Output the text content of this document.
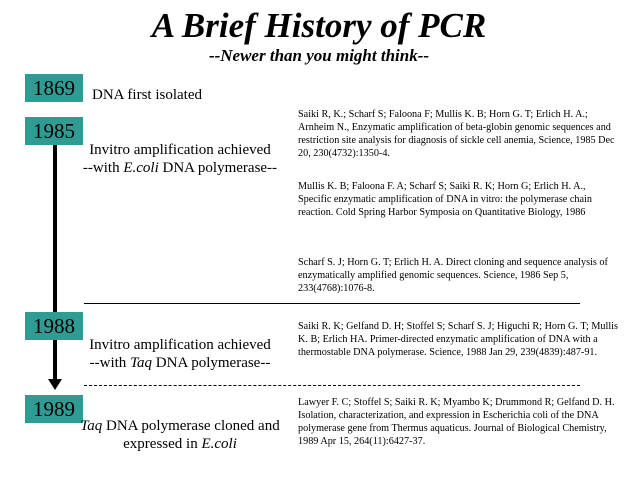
A Brief History of PCR
--Newer than you might think--
1869	DNA first isolated
1985
Invitro amplification achieved
--with E.coli DNA polymerase--
Saiki R, K.; Scharf S; Faloona F; Mullis K. B; Horn G. T; Erlich H. A.; Arnheim N., Enzymatic amplification of beta-globin genomic sequences and restriction site analysis for diagnosis of sickle cell anemia, Science, 1985 Dec 20, 230(4732):1350-4.
Mullis K. B; Faloona F. A; Scharf S; Saiki R. K; Horn G; Erlich H. A., Specific enzymatic amplification of DNA in vitro: the polymerase chain reaction. Cold Spring Harbor Symposia on Quantitative Biology, 1986
Scharf S. J; Horn G. T; Erlich H. A. Direct cloning and sequence analysis of enzymatically amplified genomic sequences. Science, 1986 Sep 5, 233(4768):1076-8.
1988
Invitro amplification achieved
--with Taq DNA polymerase--
Saiki R. K; Gelfand D. H; Stoffel S; Scharf S. J; Higuchi R; Horn G. T; Mullis K. B; Erlich HA. Primer-directed enzymatic amplification of DNA with a thermostable DNA polymerase. Science, 1988 Jan 29, 239(4839):487-91.
1989
Taq DNA polymerase cloned and
expressed in E.coli
Lawyer F. C; Stoffel S; Saiki R. K; Myambo K; Drummond R; Gelfand D. H. Isolation, characterization, and expression in Escherichia coli of the DNA polymerase gene from Thermus aquaticus. Journal of Biological Chemistry, 1989 Apr 15, 264(11):6427-37.
